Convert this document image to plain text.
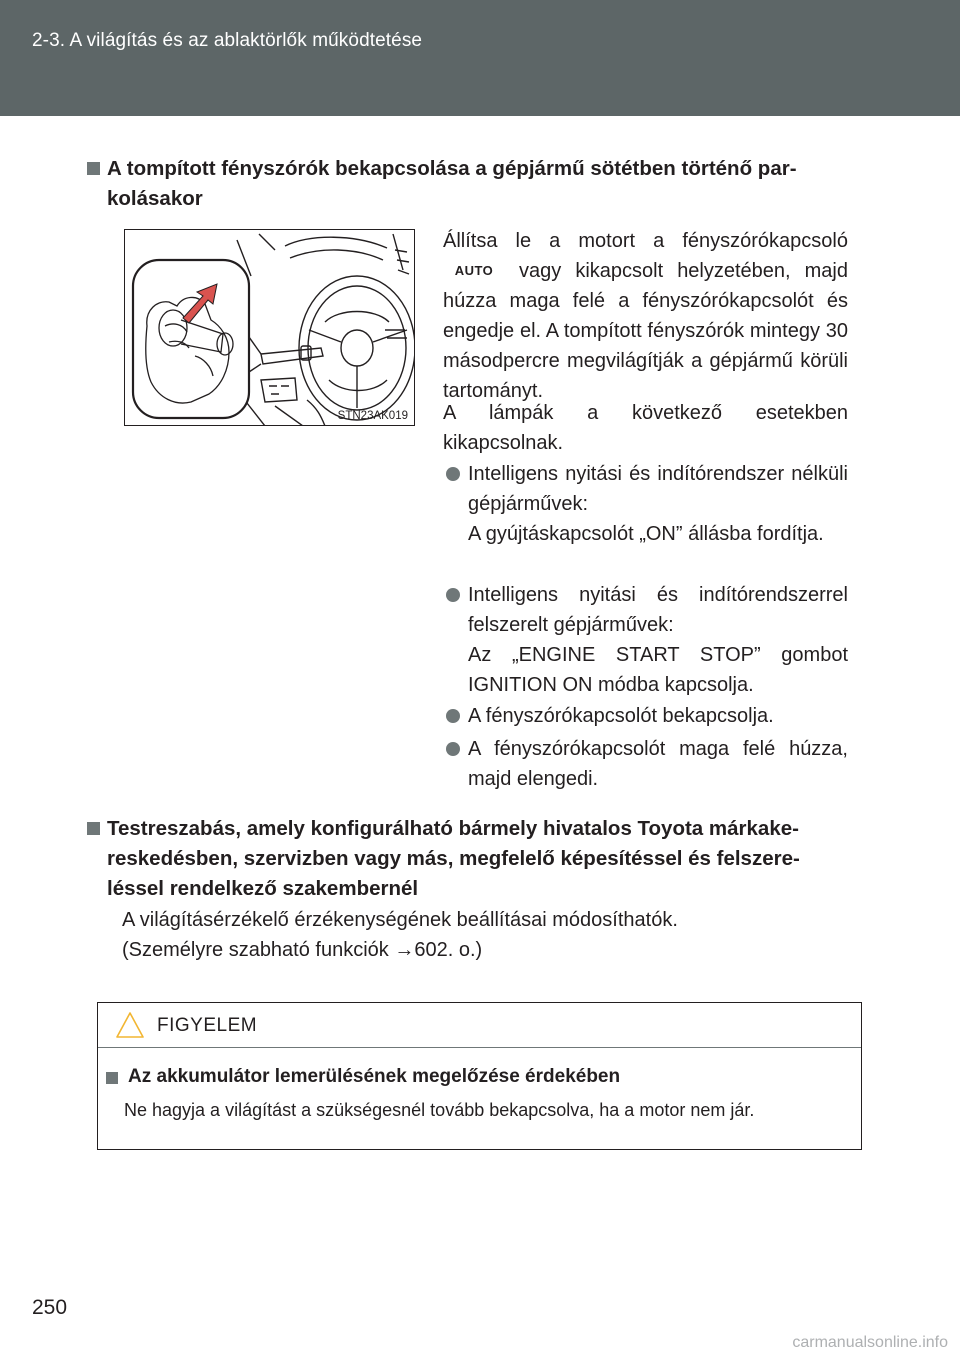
2-3. A világítás és az ablaktörlők működtetése
A tompított fényszórók bekapcsolása a gépjármű sötétben történő par-
kolásakor
STN23AK019
Állítsa le a motort a fényszórókapcsoló AUTO vagy kikapcsolt helyzetében, majd húzza maga felé a fényszórókapcsolót és engedje el. A tompított fényszórók mintegy 30 másodpercre megvilágítják a gépjármű körüli tartományt.
A lámpák a következő esetekben kikapcsolnak.
Intelligens nyitási és indítórendszer nélküli gépjárművek:
A gyújtáskapcsolót „ON” állásba fordítja.
Intelligens nyitási és indítórendszerrel felszerelt gépjárművek:
Az „ENGINE START STOP” gombot IGNITION ON módba kapcsolja.
A fényszórókapcsolót bekapcsolja.
A fényszórókapcsolót maga felé húzza, majd elengedi.
Testreszabás, amely konfigurálható bármely hivatalos Toyota márkake-
reskedésben, szervizben vagy más, megfelelő képesítéssel és felszere-
léssel rendelkező szakembernél
A világításérzékelő érzékenységének beállításai módosíthatók.
(Személyre szabható funkciók →602. o.)
FIGYELEM
Az akkumulátor lemerülésének megelőzése érdekében
Ne hagyja a világítást a szükségesnél tovább bekapcsolva, ha a motor nem jár.
250
carmanualsonline.info
